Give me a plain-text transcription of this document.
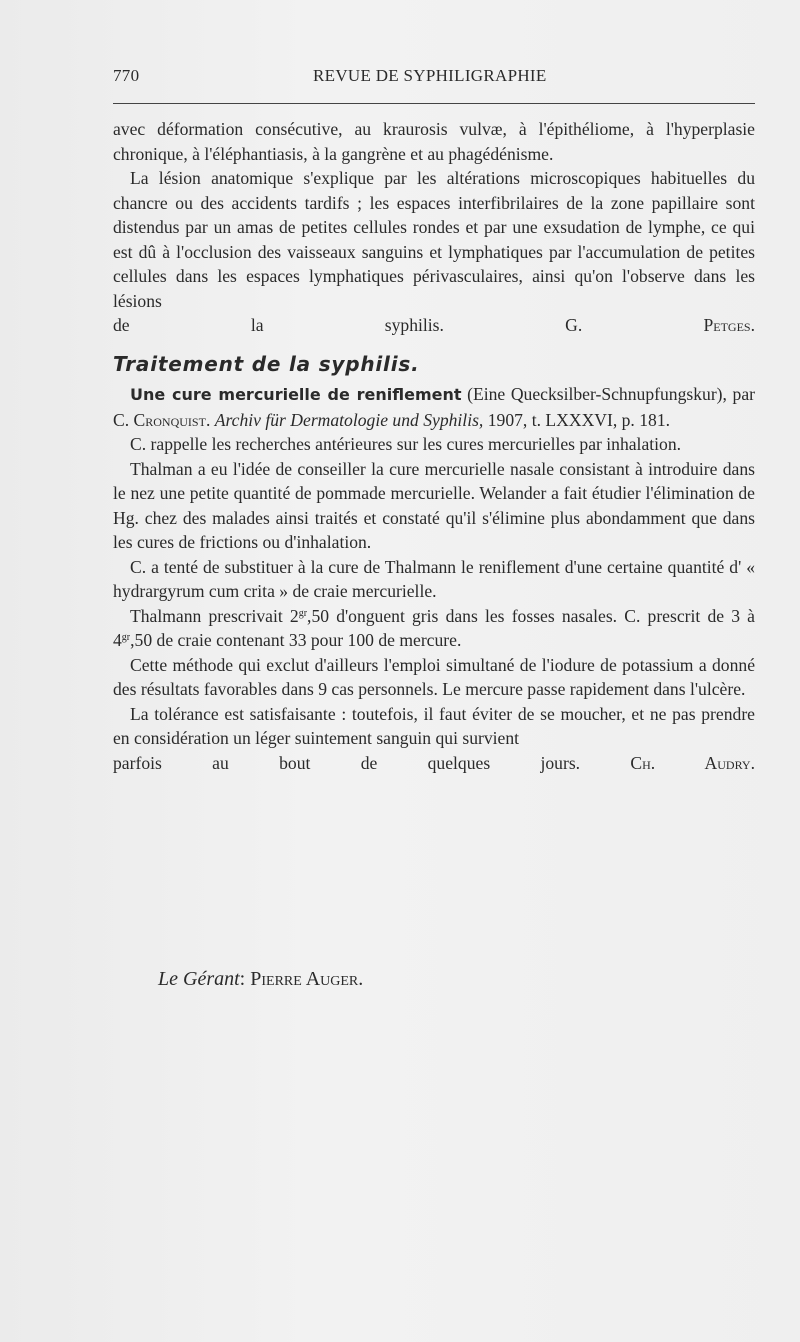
770	REVUE DE SYPHILIGRAPHIE

avec déformation consécutive, au kraurosis vulvæ, à l'épithéliome, à l'hyperplasie chronique, à l'éléphantiasis, à la gangrène et au phagédénisme.

La lésion anatomique s'explique par les altérations microscopiques habituelles du chancre ou des accidents tardifs ; les espaces interfibrilaires de la zone papillaire sont distendus par un amas de petites cellules rondes et par une exsudation de lymphe, ce qui est dû à l'occlusion des vaisseaux sanguins et lymphatiques par l'accumulation de petites cellules dans les espaces lymphatiques périvasculaires, ainsi qu'on l'observe dans les lésions

de la syphilis.	G. Petges.

Traitement de la syphilis.

Une cure mercurielle de reniflement (Eine Quecksilber-Schnupfungskur), par C. Cronquist. Archiv für Dermatologie und Syphilis, 1907, t. LXXXVI, p. 181.

C. rappelle les recherches antérieures sur les cures mercurielles par inhalation.

Thalman a eu l'idée de conseiller la cure mercurielle nasale consistant à introduire dans le nez une petite quantité de pommade mercurielle. Welander a fait étudier l'élimination de Hg. chez des malades ainsi traités et constaté qu'il s'élimine plus abondamment que dans les cures de frictions ou d'inhalation.

C. a tenté de substituer à la cure de Thalmann le reniflement d'une certaine quantité d' « hydrargyrum cum crita » de craie mercurielle.

Thalmann prescrivait $2^{gr},50$ d'onguent gris dans les fosses nasales. C. prescrit de 3 à $4^{gr},50$ de craie contenant 33 pour 100 de mercure.

Cette méthode qui exclut d'ailleurs l'emploi simultané de l'iodure de potassium a donné des résultats favorables dans 9 cas personnels. Le mercure passe rapidement dans l'ulcère.

La tolérance est satisfaisante : toutefois, il faut éviter de se moucher, et ne pas prendre en considération un léger suintement sanguin qui survient

parfois au bout de quelques jours.	Ch. Audry.

Le Gérant: Pierre Auger.
